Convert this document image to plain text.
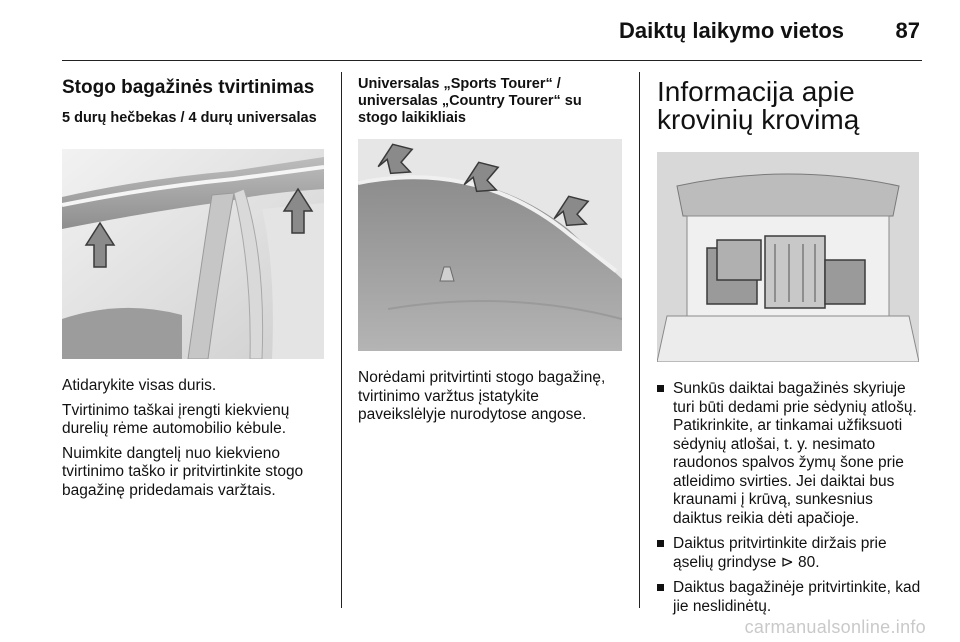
Daiktų laikymo vietos 87
Stogo bagažinės tvirtinimas
5 durų hečbekas / 4 durų universalas

Atidarykite visas duris.

Tvirtinimo taškai įrengti kiekvienų durelių rėme automobilio kėbule.

Nuimkite dangtelį nuo kiekvieno tvirtinimo taško ir pritvirtinkite stogo bagažinę pridedamais varžtais.

Universalas „Sports Tourer“ / universalas „Country Tourer“ su stogo laikikliais

Norėdami pritvirtinti stogo bagažinę, tvirtinimo varžtus įstatykite paveikslėlyje nurodytose angose.

Informacija apie
krovinių krovimą
Sunkūs daiktai bagažinės skyriuje turi būti dedami prie sėdynių atlošų. Patikrinkite, ar tinkamai užfiksuoti sėdynių atlošai, t. y. nesimato raudonos spalvos žymų šone prie atleidimo svirties. Jei daiktai bus kraunami į krūvą, sunkesnius daiktus reikia dėti apačioje.
Daiktus pritvirtinkite diržais prie ąselių grindyse ⊳ 80.
Daiktus bagažinėje pritvirtinkite, kad jie neslidinėtų.
carmanualsonline.info
